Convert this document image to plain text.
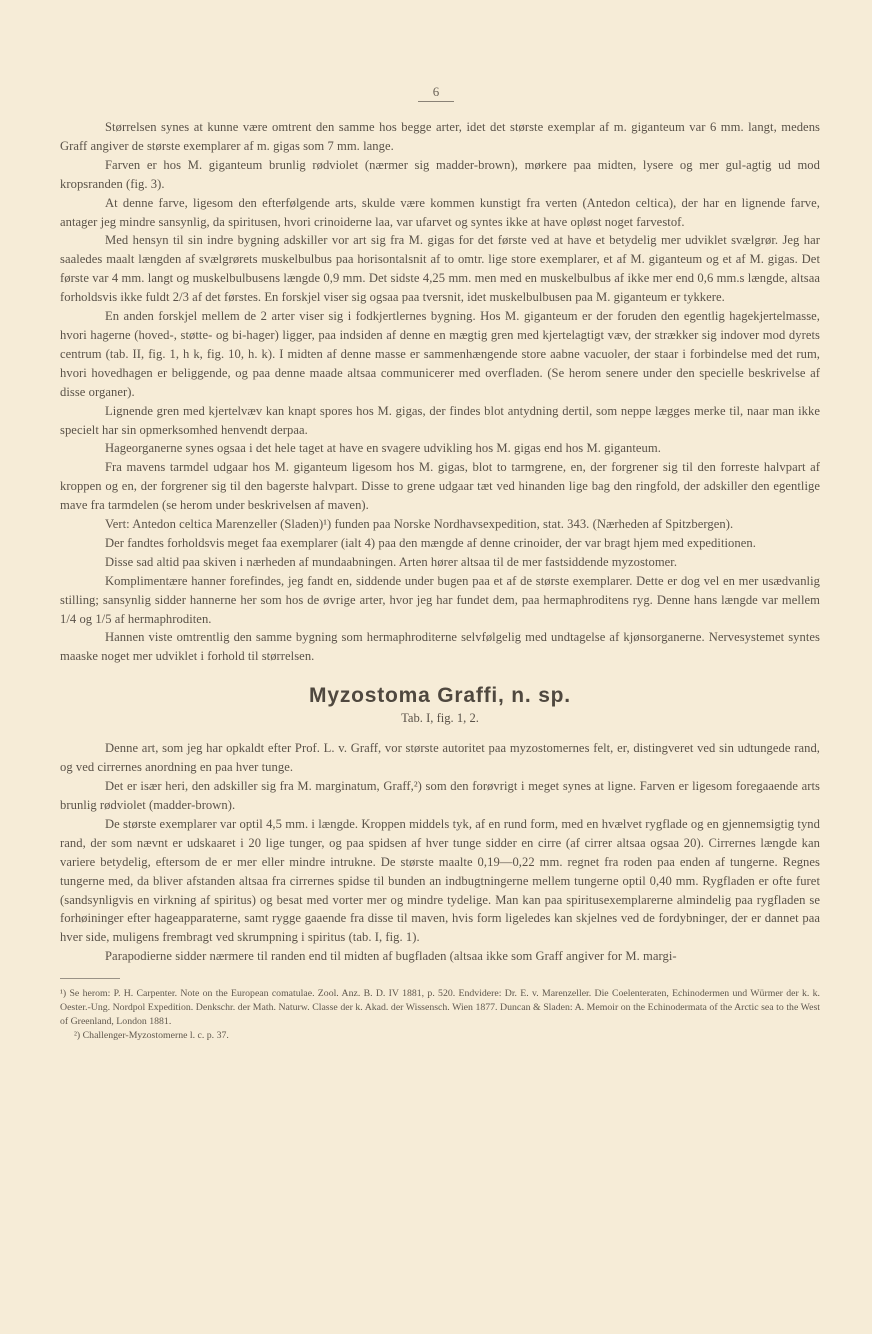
6

Størrelsen synes at kunne være omtrent den samme hos begge arter, idet det største exemplar af m. giganteum var 6 mm. langt, medens Graff angiver de største exemplarer af m. gigas som 7 mm. lange.

Farven er hos M. giganteum brunlig rødviolet (nærmer sig madder-brown), mørkere paa midten, lysere og mer gul-agtig ud mod kropsranden (fig. 3).

At denne farve, ligesom den efterfølgende arts, skulde være kommen kunstigt fra verten (Antedon celtica), der har en lignende farve, antager jeg mindre sansynlig, da spiritusen, hvori crinoiderne laa, var ufarvet og syntes ikke at have opløst noget farvestof.

Med hensyn til sin indre bygning adskiller vor art sig fra M. gigas for det første ved at have et betydelig mer udviklet svælgrør. Jeg har saaledes maalt længden af svælgrørets muskelbulbus paa horisontalsnit af to omtr. lige store exemplarer, et af M. giganteum og et af M. gigas. Det første var 4 mm. langt og muskelbulbusens længde 0,9 mm. Det sidste 4,25 mm. men med en muskelbulbus af ikke mer end 0,6 mm.s længde, altsaa forholdsvis ikke fuldt 2/3 af det førstes. En forskjel viser sig ogsaa paa tversnit, idet muskelbulbusen paa M. giganteum er tykkere.

En anden forskjel mellem de 2 arter viser sig i fodkjertlernes bygning. Hos M. giganteum er der foruden den egentlig hagekjertelmasse, hvori hagerne (hoved-, støtte- og bi-hager) ligger, paa indsiden af denne en mægtig gren med kjertelagtigt væv, der strækker sig indover mod dyrets centrum (tab. II, fig. 1, h k, fig. 10, h. k). I midten af denne masse er sammenhængende store aabne vacuoler, der staar i forbindelse med det rum, hvori hovedhagen er beliggende, og paa denne maade altsaa communicerer med overfladen. (Se herom senere under den specielle beskrivelse af disse organer).

Lignende gren med kjertelvæv kan knapt spores hos M. gigas, der findes blot antydning dertil, som neppe lægges merke til, naar man ikke specielt har sin opmerksomhed henvendt derpaa.

Hageorganerne synes ogsaa i det hele taget at have en svagere udvikling hos M. gigas end hos M. giganteum.

Fra mavens tarmdel udgaar hos M. giganteum ligesom hos M. gigas, blot to tarmgrene, en, der forgrener sig til den forreste halvpart af kroppen og en, der forgrener sig til den bagerste halvpart. Disse to grene udgaar tæt ved hinanden lige bag den ringfold, der adskiller den egentlige mave fra tarmdelen (se herom under beskrivelsen af maven).

Vert: Antedon celtica Marenzeller (Sladen)¹) funden paa Norske Nordhavsexpedition, stat. 343. (Nærheden af Spitzbergen).

Der fandtes forholdsvis meget faa exemplarer (ialt 4) paa den mængde af denne crinoider, der var bragt hjem med expeditionen.

Disse sad altid paa skiven i nærheden af mundaabningen. Arten hører altsaa til de mer fastsiddende myzostomer.

Komplimentære hanner forefindes, jeg fandt en, siddende under bugen paa et af de største exemplarer. Dette er dog vel en mer usædvanlig stilling; sansynlig sidder hannerne her som hos de øvrige arter, hvor jeg har fundet dem, paa hermaphroditens ryg. Denne hans længde var mellem 1/4 og 1/5 af hermaphroditen.

Hannen viste omtrentlig den samme bygning som hermaphroditerne selvfølgelig med undtagelse af kjønsorganerne. Nervesystemet syntes maaske noget mer udviklet i forhold til størrelsen.

Myzostoma Graffi, n. sp.

Tab. I, fig. 1, 2.

Denne art, som jeg har opkaldt efter Prof. L. v. Graff, vor største autoritet paa myzostomernes felt, er, distingveret ved sin udtungede rand, og ved cirrernes anordning en paa hver tunge.

Det er især heri, den adskiller sig fra M. marginatum, Graff,²) som den forøvrigt i meget synes at ligne. Farven er ligesom foregaaende arts brunlig rødviolet (madder-brown).

De største exemplarer var optil 4,5 mm. i længde. Kroppen middels tyk, af en rund form, med en hvælvet rygflade og en gjennemsigtig tynd rand, der som nævnt er udskaaret i 20 lige tunger, og paa spidsen af hver tunge sidder en cirre (af cirrer altsaa ogsaa 20). Cirrernes længde kan variere betydelig, eftersom de er mer eller mindre intrukne. De største maalte 0,19—0,22 mm. regnet fra roden paa enden af tungerne. Regnes tungerne med, da bliver afstanden altsaa fra cirrernes spidse til bunden an indbugtningerne mellem tungerne optil 0,40 mm. Rygfladen er ofte furet (sandsynligvis en virkning af spiritus) og besat med vorter mer og mindre tydelige. Man kan paa spiritusexemplarerne almindelig paa rygfladen se forhøininger efter hageapparaterne, samt rygge gaaende fra disse til maven, hvis form ligeledes kan skjelnes ved de fordybninger, der er dannet paa hver side, muligens frembragt ved skrumpning i spiritus (tab. I, fig. 1).

Parapodierne sidder nærmere til randen end til midten af bugfladen (altsaa ikke som Graff angiver for M. margi-

¹) Se herom: P. H. Carpenter. Note on the European comatulae. Zool. Anz. B. D. IV 1881, p. 520. Endvidere: Dr. E. v. Marenzeller. Die Coelenteraten, Echinodermen und Würmer der k. k. Oester.-Ung. Nordpol Expedition. Denkschr. der Math. Naturw. Classe der k. Akad. der Wissensch. Wien 1877. Duncan & Sladen: A. Memoir on the Echinodermata of the Arctic sea to the West of Greenland, London 1881.

²) Challenger-Myzostomerne l. c. p. 37.
